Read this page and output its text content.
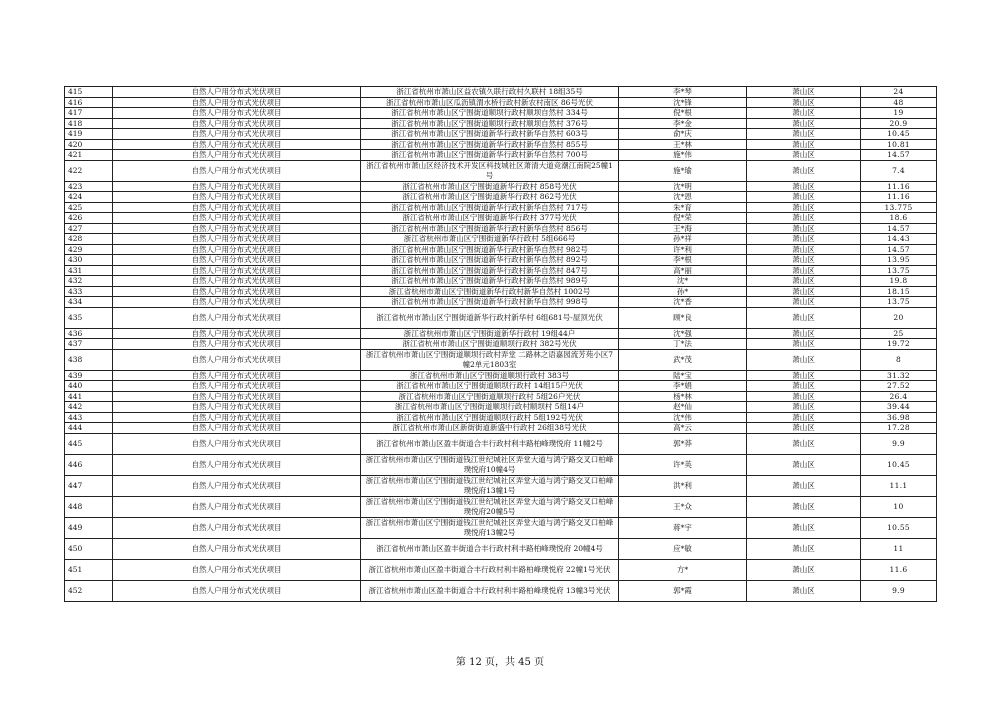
415	自然人户用分布式光伏项目	浙江省杭州市萧山区益农镇久联行政村久联村 18组35号	李*琴	萧山区	24
416	自然人户用分布式光伏项目	浙江省杭州市萧山区瓜沥镇渭水桥行政村新农村南区 86号光伏	沈*锋	萧山区	48
417	自然人户用分布式光伏项目	浙江省杭州市萧山区宁围街道顺坝行政村顺坝自然村 334号	倪*根	萧山区	19
418	自然人户用分布式光伏项目	浙江省杭州市萧山区宁围街道顺坝行政村顺坝自然村 376号	李*金	萧山区	20.9
419	自然人户用分布式光伏项目	浙江省杭州市萧山区宁围街道新华行政村新华自然村 603号	俞*庆	萧山区	10.45
420	自然人户用分布式光伏项目	浙江省杭州市萧山区宁围街道新华行政村新华自然村 855号	王*林	萧山区	10.81
421	自然人户用分布式光伏项目	浙江省杭州市萧山区宁围街道新华行政村新华自然村 700号	施*伟	萧山区	14.57
422	自然人户用分布式光伏项目	浙江省杭州市萧山区经济技术开发区科技城社区萧清大道竞潮江南院25幢1号	施*瑜	萧山区	7.4
423	自然人户用分布式光伏项目	浙江省杭州市萧山区宁围街道新华行政村 858号光伏	沈*明	萧山区	11.16
424	自然人户用分布式光伏项目	浙江省杭州市萧山区宁围街道新华行政村 862号光伏	沈*恩	萧山区	11.16
425	自然人户用分布式光伏项目	浙江省杭州市萧山区宁围街道新华行政村新华自然村 717号	朱*育	萧山区	13.775
426	自然人户用分布式光伏项目	浙江省杭州市萧山区宁围街道新华行政村 377号光伏	倪*荣	萧山区	18.6
427	自然人户用分布式光伏项目	浙江省杭州市萧山区宁围街道新华行政村新华自然村 856号	王*海	萧山区	14.57
428	自然人户用分布式光伏项目	浙江省杭州市萧山区宁围街道新华行政村 5组666号	孙*祥	萧山区	14.43
429	自然人户用分布式光伏项目	浙江省杭州市萧山区宁围街道新华行政村新华自然村 982号	许*利	萧山区	14.57
430	自然人户用分布式光伏项目	浙江省杭州市萧山区宁围街道新华行政村新华自然村 892号	李*根	萧山区	13.95
431	自然人户用分布式光伏项目	浙江省杭州市萧山区宁围街道新华行政村新华自然村 847号	高*丽	萧山区	13.75
432	自然人户用分布式光伏项目	浙江省杭州市萧山区宁围街道新华行政村新华自然村 989号	沈*	萧山区	19.8
433	自然人户用分布式光伏项目	浙江省杭州市萧山区宁围街道新华行政村新华自然村 1002号	孙*	萧山区	18.15
434	自然人户用分布式光伏项目	浙江省杭州市萧山区宁围街道新华行政村新华自然村 998号	沈*香	萧山区	13.75
435	自然人户用分布式光伏项目	浙江省杭州市萧山区宁围街道新华行政村新华村 6组681号-屋顶光伏	顾*良	萧山区	20
436	自然人户用分布式光伏项目	浙江省杭州市萧山区宁围街道新华行政村 19组44户	沈*强	萧山区	25
437	自然人户用分布式光伏项目	浙江省杭州市萧山区宁围街道顺坝行政村 382号光伏	丁*法	萧山区	19.72
438	自然人户用分布式光伏项目	浙江省杭州市萧山区宁围街道顺坝行政村弄堂 二路林之语嘉园流芳苑小区7幢2单元1803室	武*茂	萧山区	8
439	自然人户用分布式光伏项目	浙江省杭州市萧山区宁围街道顺坝行政村 383号	陆*宝	萧山区	31.32
440	自然人户用分布式光伏项目	浙江省杭州市萧山区宁围街道顺坝行政村 14组15户光伏	李*娟	萧山区	27.52
441	自然人户用分布式光伏项目	浙江省杭州市萧山区宁围街道顺坝行政村 5组26户光伏	杨*林	萧山区	26.4
442	自然人户用分布式光伏项目	浙江省杭州市萧山区宁围街道顺坝行政村顺坝村 5组14户	赵*仙	萧山区	39.44
443	自然人户用分布式光伏项目	浙江省杭州市萧山区宁围街道顺坝行政村 5组192号光伏	沈*伟	萧山区	36.98
444	自然人户用分布式光伏项目	浙江省杭州市萧山区新街街道新盛中行政村 26组38号光伏	高*云	萧山区	17.28
445	自然人户用分布式光伏项目	浙江省杭州市萧山区盈丰街道合丰行政村利丰路柏峰璞悦府 11幢2号	郭*莽	萧山区	9.9
446	自然人户用分布式光伏项目	浙江省杭州市萧山区宁围街道钱江世纪城社区弄堂大道与鸿宁路交叉口柏峰璞悦府10幢4号	许*英	萧山区	10.45
447	自然人户用分布式光伏项目	浙江省杭州市萧山区宁围街道钱江世纪城社区弄堂大道与鸿宁路交叉口柏峰璞悦府13幢1号	洪*利	萧山区	11.1
448	自然人户用分布式光伏项目	浙江省杭州市萧山区宁围街道钱江世纪城社区弄堂大道与鸿宁路交叉口柏峰璞悦府20幢5号	王*众	萧山区	10
449	自然人户用分布式光伏项目	浙江省杭州市萧山区宁围街道钱江世纪城社区弄堂大道与鸿宁路交叉口柏峰璞悦府13幢2号	蒋*宇	萧山区	10.55
450	自然人户用分布式光伏项目	浙江省杭州市萧山区盈丰街道合丰行政村利丰路柏峰璞悦府 20幢4号	应*敏	萧山区	11
451	自然人户用分布式光伏项目	浙江省杭州市萧山区盈丰街道合丰行政村利丰路柏峰璞悦府 22幢1号光伏	方*	萧山区	11.6
452	自然人户用分布式光伏项目	浙江省杭州市萧山区盈丰街道合丰行政村利丰路柏峰璞悦府 13幢3号光伏	郭*霞	萧山区	9.9
第 12 页，共 45 页
